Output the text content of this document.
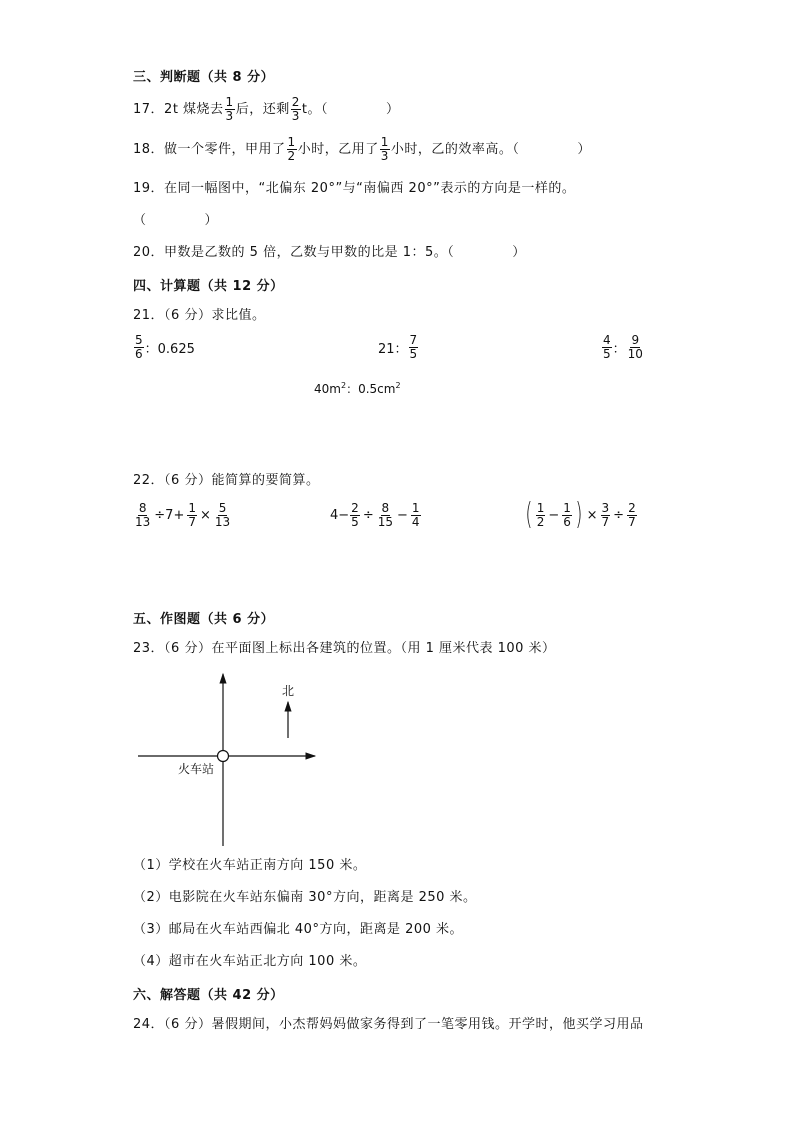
三、判断题（共 8 分）
17．2t 煤烧去 $\frac{1}{3}$ 后，还剩 $\frac{2}{3}$ t。（	）
18．做一个零件，甲用了 $\frac{1}{2}$ 小时，乙用了 $\frac{1}{3}$ 小时，乙的效率高。（	）
19．在同一幅图中，“北偏东 20°”与“南偏西 20°”表示的方向是一样的。
（	）
20．甲数是乙数的 5 倍，乙数与甲数的比是 1：5。（	）
四、计算题（共 12 分）
21．（6 分）求比值。
$\frac{5}{6}$ ：0.625	21： $\frac{7}{5}$	$\frac{4}{5}$ ： $\frac{9}{10}$
$40m^2$：$0.5cm^2$
22．（6 分）能简算的要简算。
$\frac{8}{13} \div 7+ \frac{1}{7} \times \frac{5}{13}$	$4- \frac{2}{5} \div \frac{8}{15} - \frac{1}{4}$	( $\frac{1}{2} - \frac{1}{6}$ ) × $\frac{3}{7} \div \frac{2}{7}$
五、作图题（共 6 分）
23．（6 分）在平面图上标出各建筑的位置。（用 1 厘米代表 100 米）
北
火车站
（1）学校在火车站正南方向 150 米。
（2）电影院在火车站东偏南 30°方向，距离是 250 米。
（3）邮局在火车站西偏北 40°方向，距离是 200 米。
（4）超市在火车站正北方向 100 米。
六、解答题（共 42 分）
24．（6 分）暑假期间，小杰帮妈妈做家务得到了一笔零用钱。开学时，他买学习用品
